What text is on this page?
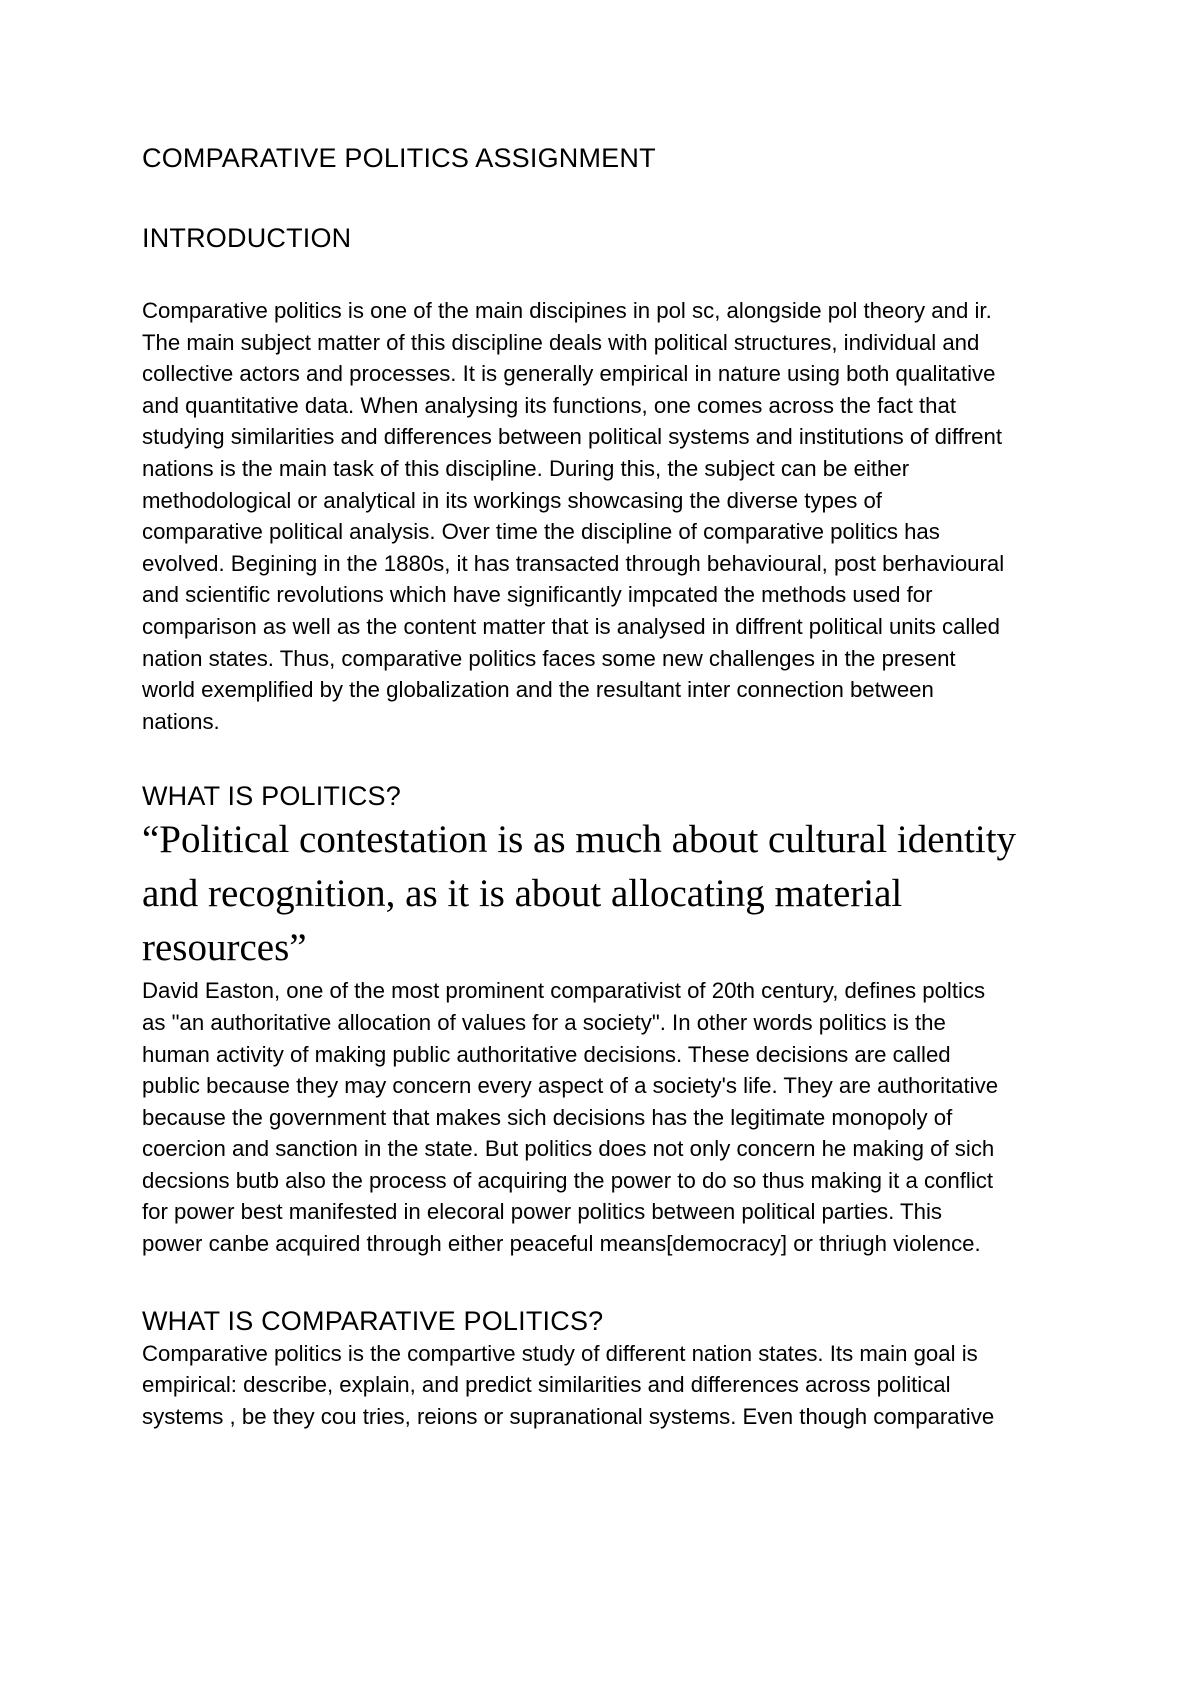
COMPARATIVE POLITICS ASSIGNMENT
INTRODUCTION

Comparative politics is one of the main discipines in pol sc, alongside pol theory and ir.
The main subject matter of this discipline deals with political structures, individual and
collective actors and processes. It is generally empirical in nature using both qualitative
and quantitative data. When analysing its functions, one comes across the fact that
studying similarities and differences between political systems and institutions of diffrent
nations is the main task of this discipline. During this, the subject can be either
methodological or analytical in its workings showcasing the diverse types of
comparative political analysis. Over time the discipline of comparative politics has
evolved. Begining in the 1880s, it has transacted through behavioural, post berhavioural
and scientific revolutions which have significantly impcated the methods used for
comparison as well as the content matter that is analysed in diffrent political units called
nation states. Thus, comparative politics faces some new challenges in the present
world exemplified by the globalization and the resultant inter connection between
nations.

WHAT IS POLITICS?

“Political contestation is as much about cultural identity
and recognition, as it is about allocating material
resources”

David Easton, one of the most prominent comparativist of 20th century, defines poltics
as "an authoritative allocation of values for a society". In other words politics is the
human activity of making public authoritative decisions. These decisions are called
public because they may concern every aspect of a society's life. They are authoritative
because the government that makes sich decisions has the legitimate monopoly of
coercion and sanction in the state. But politics does not only concern he making of sich
decsions butb also the process of acquiring the power to do so thus making it a conflict
for power best manifested in elecoral power politics between political parties. This
power canbe acquired through either peaceful means[democracy] or thriugh violence.

WHAT IS COMPARATIVE POLITICS?

Comparative politics is the compartive study of different nation states. Its main goal is
empirical: describe, explain, and predict similarities and differences across political
systems , be they cou tries, reions or supranational systems. Even though comparative
